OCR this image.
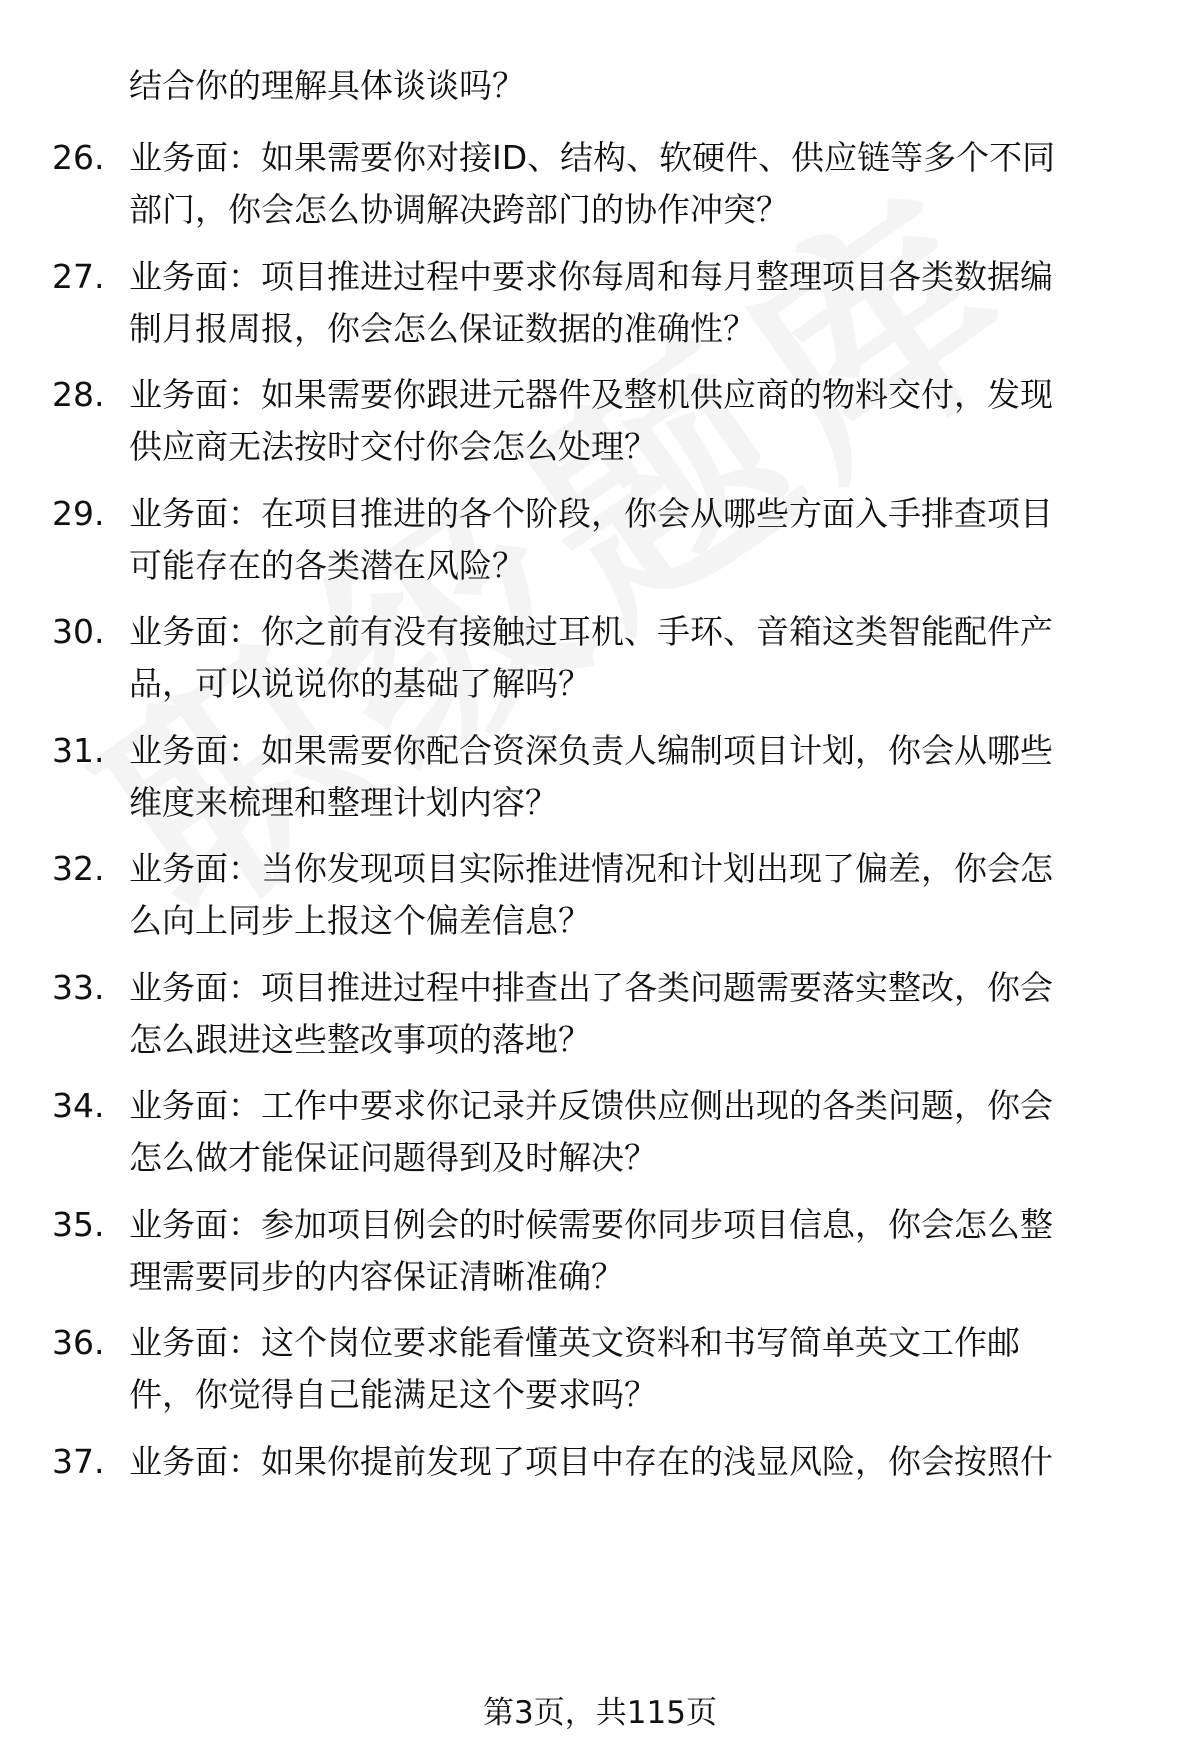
结合你的理解具体谈谈吗？
26. 业务面：如果需要你对接ID、结构、软硬件、供应链等多个不同
部门，你会怎么协调解决跨部门的协作冲突？
27. 业务面：项目推进过程中要求你每周和每月整理项目各类数据编
制月报周报，你会怎么保证数据的准确性？
28. 业务面：如果需要你跟进元器件及整机供应商的物料交付，发现
供应商无法按时交付你会怎么处理？
29. 业务面：在项目推进的各个阶段，你会从哪些方面入手排查项目
可能存在的各类潜在风险？
30. 业务面：你之前有没有接触过耳机、手环、音箱这类智能配件产
品，可以说说你的基础了解吗？
31. 业务面：如果需要你配合资深负责人编制项目计划，你会从哪些
维度来梳理和整理计划内容？
32. 业务面：当你发现项目实际推进情况和计划出现了偏差，你会怎
么向上同步上报这个偏差信息？
33. 业务面：项目推进过程中排查出了各类问题需要落实整改，你会
怎么跟进这些整改事项的落地？
34. 业务面：工作中要求你记录并反馈供应侧出现的各类问题，你会
怎么做才能保证问题得到及时解决？
35. 业务面：参加项目例会的时候需要你同步项目信息，你会怎么整
理需要同步的内容保证清晰准确？
36. 业务面：这个岗位要求能看懂英文资料和书写简单英文工作邮
件，你觉得自己能满足这个要求吗？
37. 业务面：如果你提前发现了项目中存在的浅显风险，你会按照什
第3页，共115页
